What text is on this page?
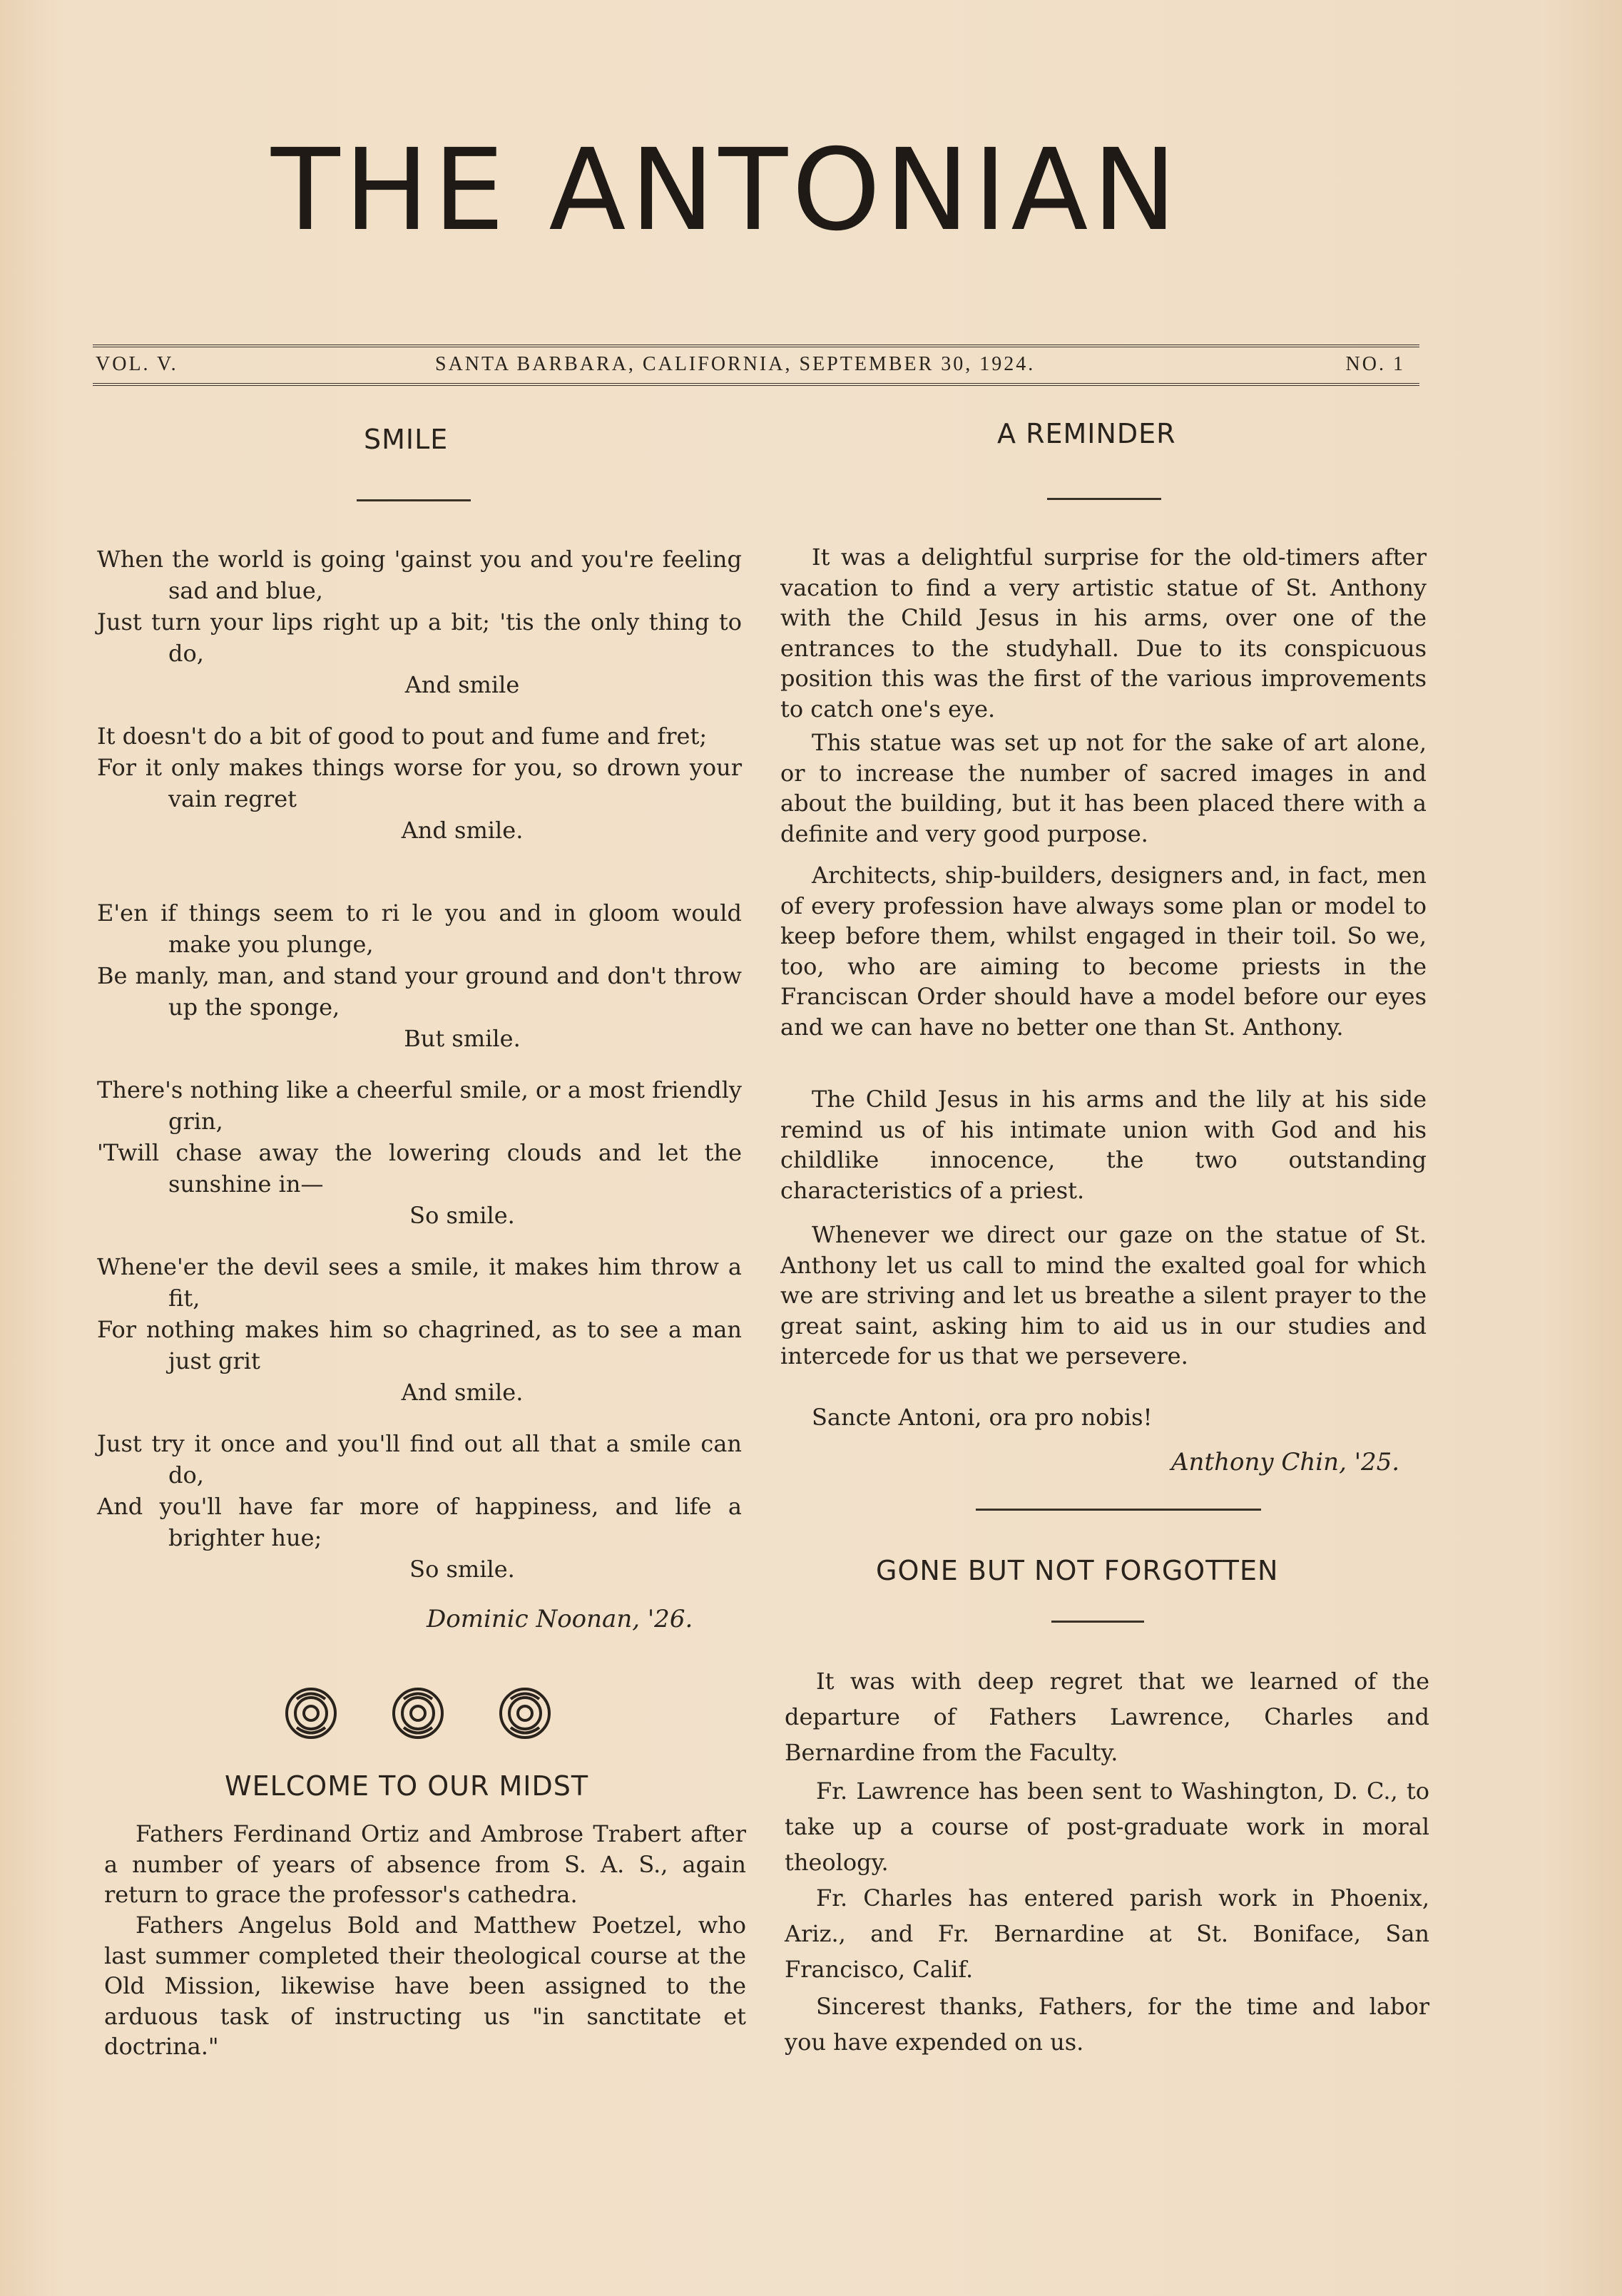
THE ANTONIAN
VOL. V.	SANTA BARBARA, CALIFORNIA, SEPTEMBER 30, 1924.	NO. 1
SMILE
When the world is going 'gainst you and you're feeling sad and blue,
Just turn your lips right up a bit; 'tis the only thing to do,
And smile
It doesn't do a bit of good to pout and fume and fret;
For it only makes things worse for you, so drown your vain regret
And smile.
E'en if things seem to ri le you and in gloom would make you plunge,
Be manly, man, and stand your ground and don't throw up the sponge,
But smile.
There's nothing like a cheerful smile, or a most friendly grin,
'Twill chase away the lowering clouds and let the sunshine in—
So smile.
Whene'er the devil sees a smile, it makes him throw a fit,
For nothing makes him so chagrined, as to see a man just grit
And smile.
Just try it once and you'll find out all that a smile can do,
And you'll have far more of happiness, and life a brighter hue;
So smile.
Dominic Noonan, '26.
WELCOME TO OUR MIDST
Fathers Ferdinand Ortiz and Ambrose Trabert after a number of years of absence from S. A. S., again return to grace the professor's cathedra.
Fathers Angelus Bold and Matthew Poetzel, who last summer completed their theological course at the Old Mission, likewise have been assigned to the arduous task of instructing us "in sanctitate et doctrina."
A REMINDER
It was a delightful surprise for the old-timers after vacation to find a very artistic statue of St. Anthony with the Child Jesus in his arms, over one of the entrances to the studyhall. Due to its conspicuous position this was the first of the various improvements to catch one's eye.
This statue was set up not for the sake of art alone, or to increase the number of sacred images in and about the building, but it has been placed there with a definite and very good purpose.
Architects, ship-builders, designers and, in fact, men of every profession have always some plan or model to keep before them, whilst engaged in their toil. So we, too, who are aiming to become priests in the Franciscan Order should have a model before our eyes and we can have no better one than St. Anthony.
The Child Jesus in his arms and the lily at his side remind us of his intimate union with God and his childlike innocence, the two outstanding characteristics of a priest.
Whenever we direct our gaze on the statue of St. Anthony let us call to mind the exalted goal for which we are striving and let us breathe a silent prayer to the great saint, asking him to aid us in our studies and intercede for us that we persevere.
Sancte Antoni, ora pro nobis!
Anthony Chin, '25.
GONE BUT NOT FORGOTTEN
It was with deep regret that we learned of the departure of Fathers Lawrence, Charles and Bernardine from the Faculty.
Fr. Lawrence has been sent to Washington, D. C., to take up a course of post-graduate work in moral theology.
Fr. Charles has entered parish work in Phoenix, Ariz., and Fr. Bernardine at St. Boniface, San Francisco, Calif.
Sincerest thanks, Fathers, for the time and labor you have expended on us.
